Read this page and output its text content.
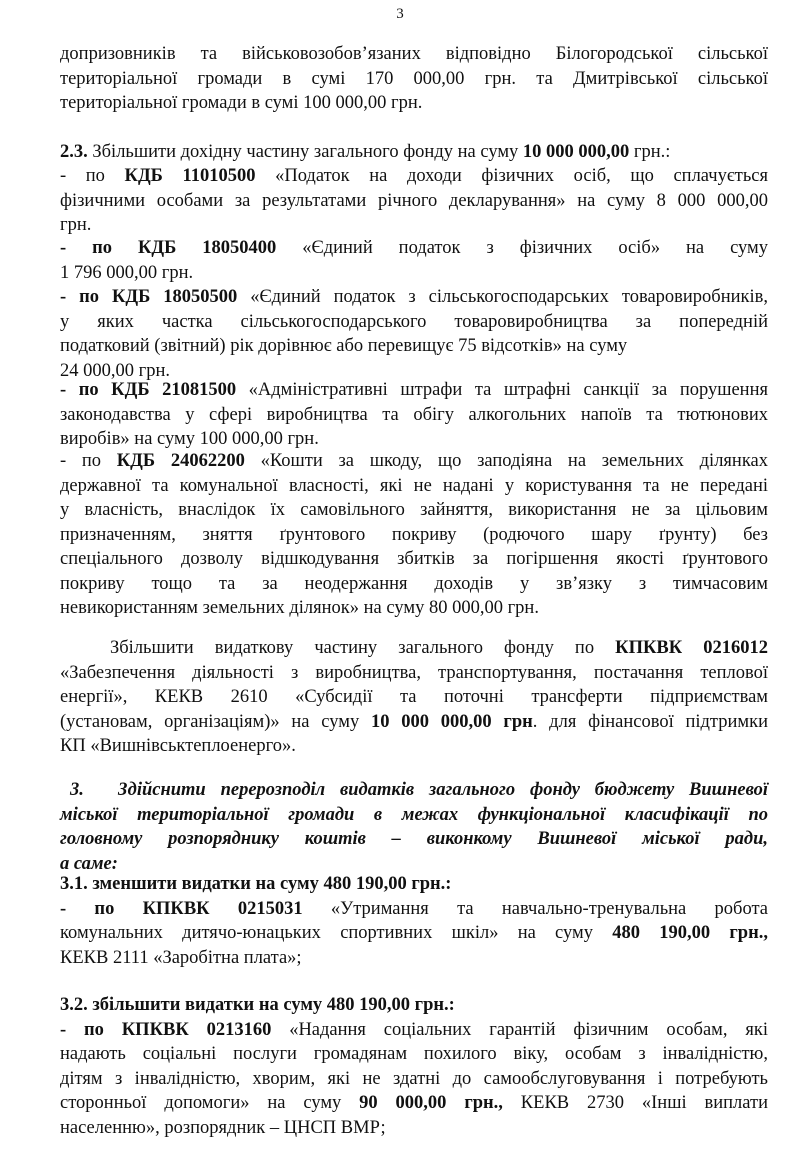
3
допризовників та військовозобов’язаних відповідно Білогородської сільської
територіальної громади в сумі 170 000,00 грн. та Дмитрівської сільської
територіальної громади в сумі 100 000,00 грн.
2.3. Збільшити дохідну частину загального фонду на суму 10 000 000,00 грн.:
- по КДБ 11010500 «Податок на доходи фізичних осіб, що сплачується
фізичними особами за результатами річного декларування» на суму 8 000 000,00
грн.
- по КДБ 18050400 «Єдиний податок з фізичних осіб» на суму
1 796 000,00 грн.
- по КДБ 18050500 «Єдиний податок з сільськогосподарських товаровиробників,
у яких частка сільськогосподарського товаровиробництва за попередній
податковий (звітний) рік дорівнює або перевищує 75 відсотків» на суму
24 000,00 грн.
- по КДБ 21081500 «Адміністративні штрафи та штрафні санкції за порушення
законодавства у сфері виробництва та обігу алкогольних напоїв та тютюнових
виробів» на суму 100 000,00 грн.
- по КДБ 24062200 «Кошти за шкоду, що заподіяна на земельних ділянках
державної та комунальної власності, які не надані у користування та не передані
у власність, внаслідок їх самовільного зайняття, використання не за цільовим
призначенням, зняття ґрунтового покриву (родючого шару ґрунту) без
спеціального дозволу відшкодування збитків за погіршення якості ґрунтового
покриву тощо та за неодержання доходів у зв’язку з тимчасовим
невикористанням земельних ділянок» на суму 80 000,00 грн.
Збільшити видаткову частину загального фонду по КПКВК 0216012
«Забезпечення діяльності з виробництва, транспортування, постачання теплової
енергії», КЕКВ 2610 «Субсидії та поточні трансферти підприємствам
(установам, організаціям)» на суму 10 000 000,00 грн. для фінансової підтримки
КП «Вишнівськтеплоенерго».
3. Здійснити перерозподіл видатків загального фонду бюджету Вишневої
міської територіальної громади в межах функціональної класифікації по
головному розпоряднику коштів – виконкому Вишневої міської ради,
а саме:
3.1. зменшити видатки на суму 480 190,00 грн.:
- по КПКВК 0215031 «Утримання та навчально-тренувальна робота
комунальних дитячо-юнацьких спортивних шкіл» на суму 480 190,00 грн.,
КЕКВ 2111 «Заробітна плата»;
3.2. збільшити видатки на суму 480 190,00 грн.:
- по КПКВК 0213160 «Надання соціальних гарантій фізичним особам, які
надають соціальні послуги громадянам похилого віку, особам з інвалідністю,
дітям з інвалідністю, хворим, які не здатні до самообслуговування і потребують
сторонньої допомоги» на суму 90 000,00 грн., КЕКВ 2730 «Інші виплати
населенню», розпорядник – ЦНСП ВМР;
